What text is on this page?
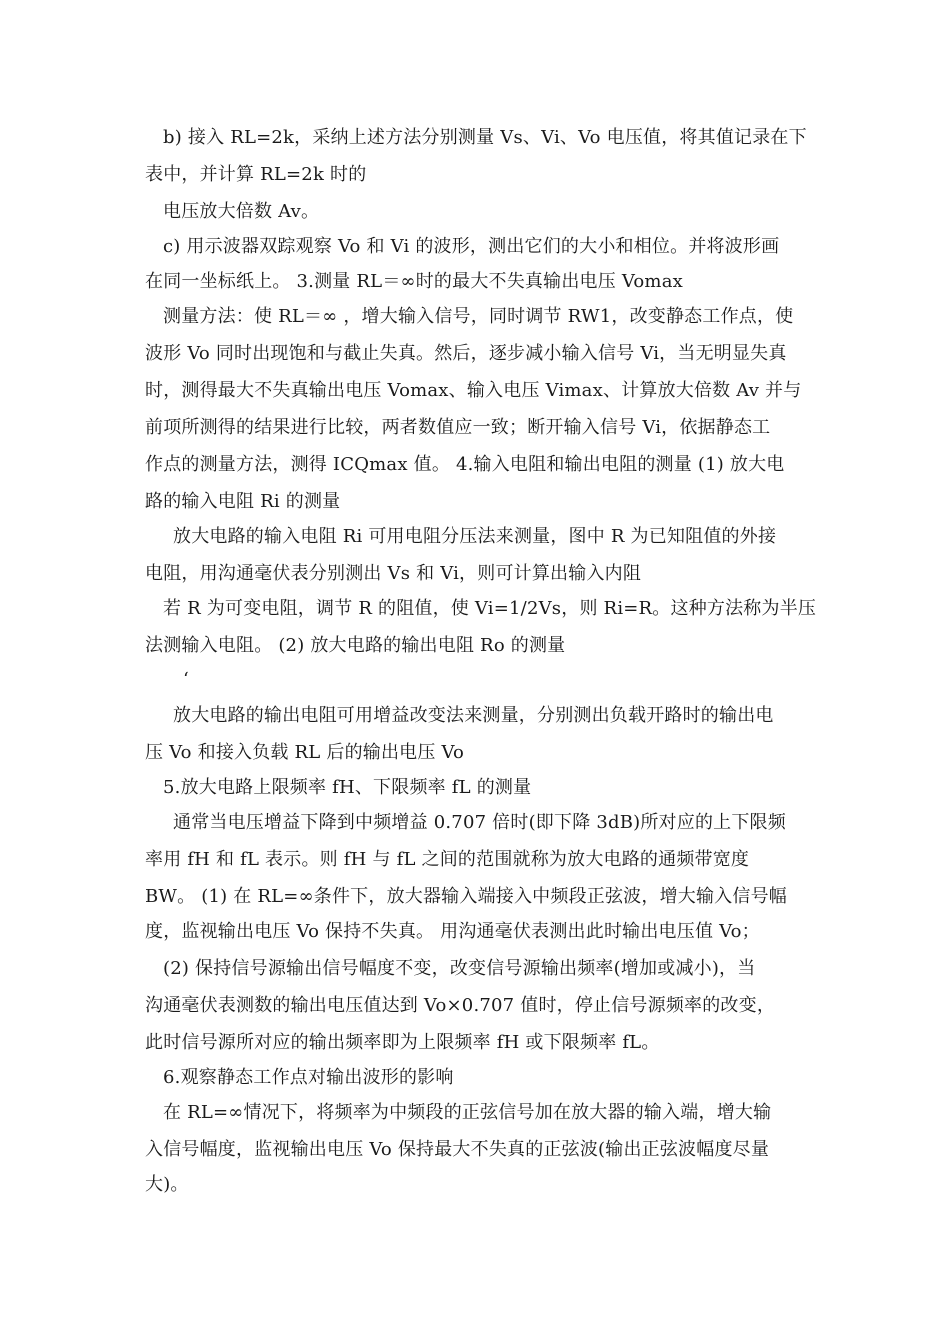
b) 接入 RL=2k，采纳上述方法分别测量 Vs、Vi、Vo 电压值，将其值记录在下
表中，并计算 RL=2k 时的
电压放大倍数 Av。
c) 用示波器双踪观察 Vo 和 Vi 的波形，测出它们的大小和相位。并将波形画
在同一坐标纸上。 3.测量 RL＝∞时的最大不失真输出电压 Vomax
测量方法：使 RL＝∞ ，增大输入信号，同时调节 RW1，改变静态工作点，使
波形 Vo 同时出现饱和与截止失真。然后，逐步减小输入信号 Vi，当无明显失真
时，测得最大不失真输出电压 Vomax、输入电压 Vimax、计算放大倍数 Av 并与
前项所测得的结果进行比较，两者数值应一致；断开输入信号 Vi，依据静态工
作点的测量方法，测得 ICQmax 值。 4.输入电阻和输出电阻的测量 (1) 放大电
路的输入电阻 Ri 的测量
放大电路的输入电阻 Ri 可用电阻分压法来测量，图中 R 为已知阻值的外接
电阻，用沟通毫伏表分别测出 Vs 和 Vi，则可计算出输入内阻
若 R 为可变电阻，调节 R 的阻值，使 Vi=1/2Vs，则 Ri=R。这种方法称为半压
法测输入电阻。 (2) 放大电路的输出电阻 Ro 的测量
‘
放大电路的输出电阻可用增益改变法来测量，分别测出负载开路时的输出电
压 Vo 和接入负载 RL 后的输出电压 Vo
5.放大电路上限频率 fH、下限频率 fL 的测量
通常当电压增益下降到中频增益 0.707 倍时(即下降 3dB)所对应的上下限频
率用 fH 和 fL 表示。则 fH 与 fL 之间的范围就称为放大电路的通频带宽度
BW。 (1) 在 RL=∞条件下，放大器输入端接入中频段正弦波，增大输入信号幅
度，监视输出电压 Vo 保持不失真。 用沟通毫伏表测出此时输出电压值 Vo；
(2) 保持信号源输出信号幅度不变，改变信号源输出频率(增加或减小)，当
沟通毫伏表测数的输出电压值达到 Vo×0.707 值时，停止信号源频率的改变，
此时信号源所对应的输出频率即为上限频率 fH 或下限频率 fL。
6.观察静态工作点对输出波形的影响
在 RL=∞情况下，将频率为中频段的正弦信号加在放大器的输入端，增大输
入信号幅度，监视输出电压 Vo 保持最大不失真的正弦波(输出正弦波幅度尽量
大)。
